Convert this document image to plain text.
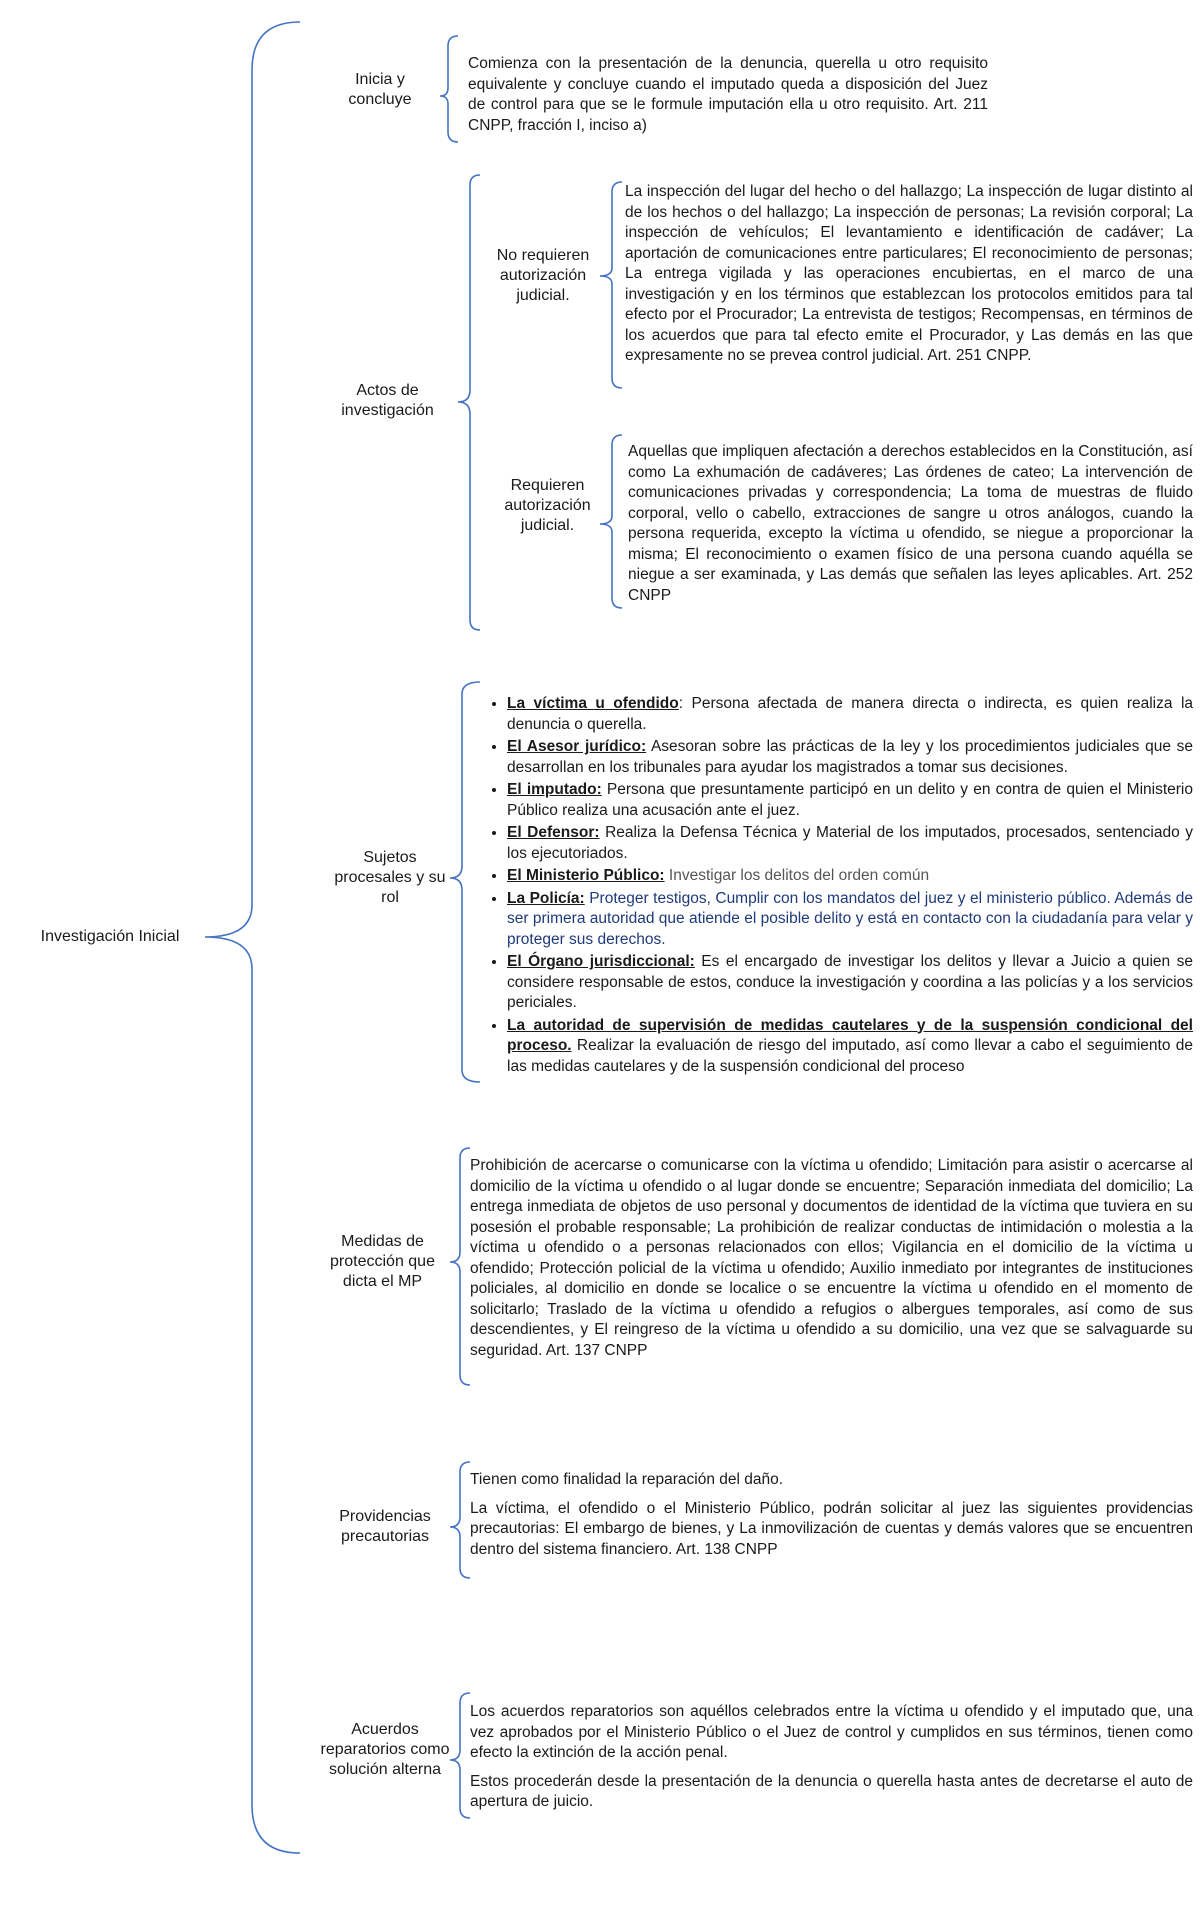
Investigación Inicial
Inicia y concluye
Comienza con la presentación de la denuncia, querella u otro requisito equivalente y concluye cuando el imputado queda a disposición del Juez de control para que se le formule imputación ella u otro requisito. Art. 211 CNPP, fracción I, inciso a)
Actos de investigación
No requieren autorización judicial.
La inspección del lugar del hecho o del hallazgo; La inspección de lugar distinto al de los hechos o del hallazgo; La inspección de personas; La revisión corporal; La inspección de vehículos; El levantamiento e identificación de cadáver; La aportación de comunicaciones entre particulares; El reconocimiento de personas; La entrega vigilada y las operaciones encubiertas, en el marco de una investigación y en los términos que establezcan los protocolos emitidos para tal efecto por el Procurador; La entrevista de testigos; Recompensas, en términos de los acuerdos que para tal efecto emite el Procurador, y Las demás en las que expresamente no se prevea control judicial. Art. 251 CNPP.
Requieren autorización judicial.
Aquellas que impliquen afectación a derechos establecidos en la Constitución, así como La exhumación de cadáveres; Las órdenes de cateo; La intervención de comunicaciones privadas y correspondencia; La toma de muestras de fluido corporal, vello o cabello, extracciones de sangre u otros análogos, cuando la persona requerida, excepto la víctima u ofendido, se niegue a proporcionar la misma; El reconocimiento o examen físico de una persona cuando aquélla se niegue a ser examinada, y Las demás que señalen las leyes aplicables. Art. 252 CNPP
Sujetos procesales y su rol
• La víctima u ofendido: Persona afectada de manera directa o indirecta, es quien realiza la denuncia o querella.
• El Asesor jurídico: Asesoran sobre las prácticas de la ley y los procedimientos judiciales que se desarrollan en los tribunales para ayudar los magistrados a tomar sus decisiones.
• El imputado: Persona que presuntamente participó en un delito y en contra de quien el Ministerio Público realiza una acusación ante el juez.
• El Defensor: Realiza la Defensa Técnica y Material de los imputados, procesados, sentenciado y los ejecutoriados.
• El Ministerio Público: Investigar los delitos del orden común
• La Policía: Proteger testigos, Cumplir con los mandatos del juez y el ministerio público. Además de ser primera autoridad que atiende el posible delito y está en contacto con la ciudadanía para velar y proteger sus derechos.
• El Órgano jurisdiccional: Es el encargado de investigar los delitos y llevar a Juicio a quien se considere responsable de estos, conduce la investigación y coordina a las policías y a los servicios periciales.
• La autoridad de supervisión de medidas cautelares y de la suspensión condicional del proceso. Realizar la evaluación de riesgo del imputado, así como llevar a cabo el seguimiento de las medidas cautelares y de la suspensión condicional del proceso
Medidas de protección que dicta el MP
Prohibición de acercarse o comunicarse con la víctima u ofendido; Limitación para asistir o acercarse al domicilio de la víctima u ofendido o al lugar donde se encuentre; Separación inmediata del domicilio; La entrega inmediata de objetos de uso personal y documentos de identidad de la víctima que tuviera en su posesión el probable responsable; La prohibición de realizar conductas de intimidación o molestia a la víctima u ofendido o a personas relacionados con ellos; Vigilancia en el domicilio de la víctima u ofendido; Protección policial de la víctima u ofendido; Auxilio inmediato por integrantes de instituciones policiales, al domicilio en donde se localice o se encuentre la víctima u ofendido en el momento de solicitarlo; Traslado de la víctima u ofendido a refugios o albergues temporales, así como de sus descendientes, y El reingreso de la víctima u ofendido a su domicilio, una vez que se salvaguarde su seguridad. Art. 137 CNPP
Providencias precautorias

Tienen como finalidad la reparación del daño.

La víctima, el ofendido o el Ministerio Público, podrán solicitar al juez las siguientes providencias precautorias: El embargo de bienes, y La inmovilización de cuentas y demás valores que se encuentren dentro del sistema financiero. Art. 138 CNPP

Acuerdos reparatorios como solución alterna

Los acuerdos reparatorios son aquéllos celebrados entre la víctima u ofendido y el imputado que, una vez aprobados por el Ministerio Público o el Juez de control y cumplidos en sus términos, tienen como efecto la extinción de la acción penal.

Estos procederán desde la presentación de la denuncia o querella hasta antes de decretarse el auto de apertura de juicio.
